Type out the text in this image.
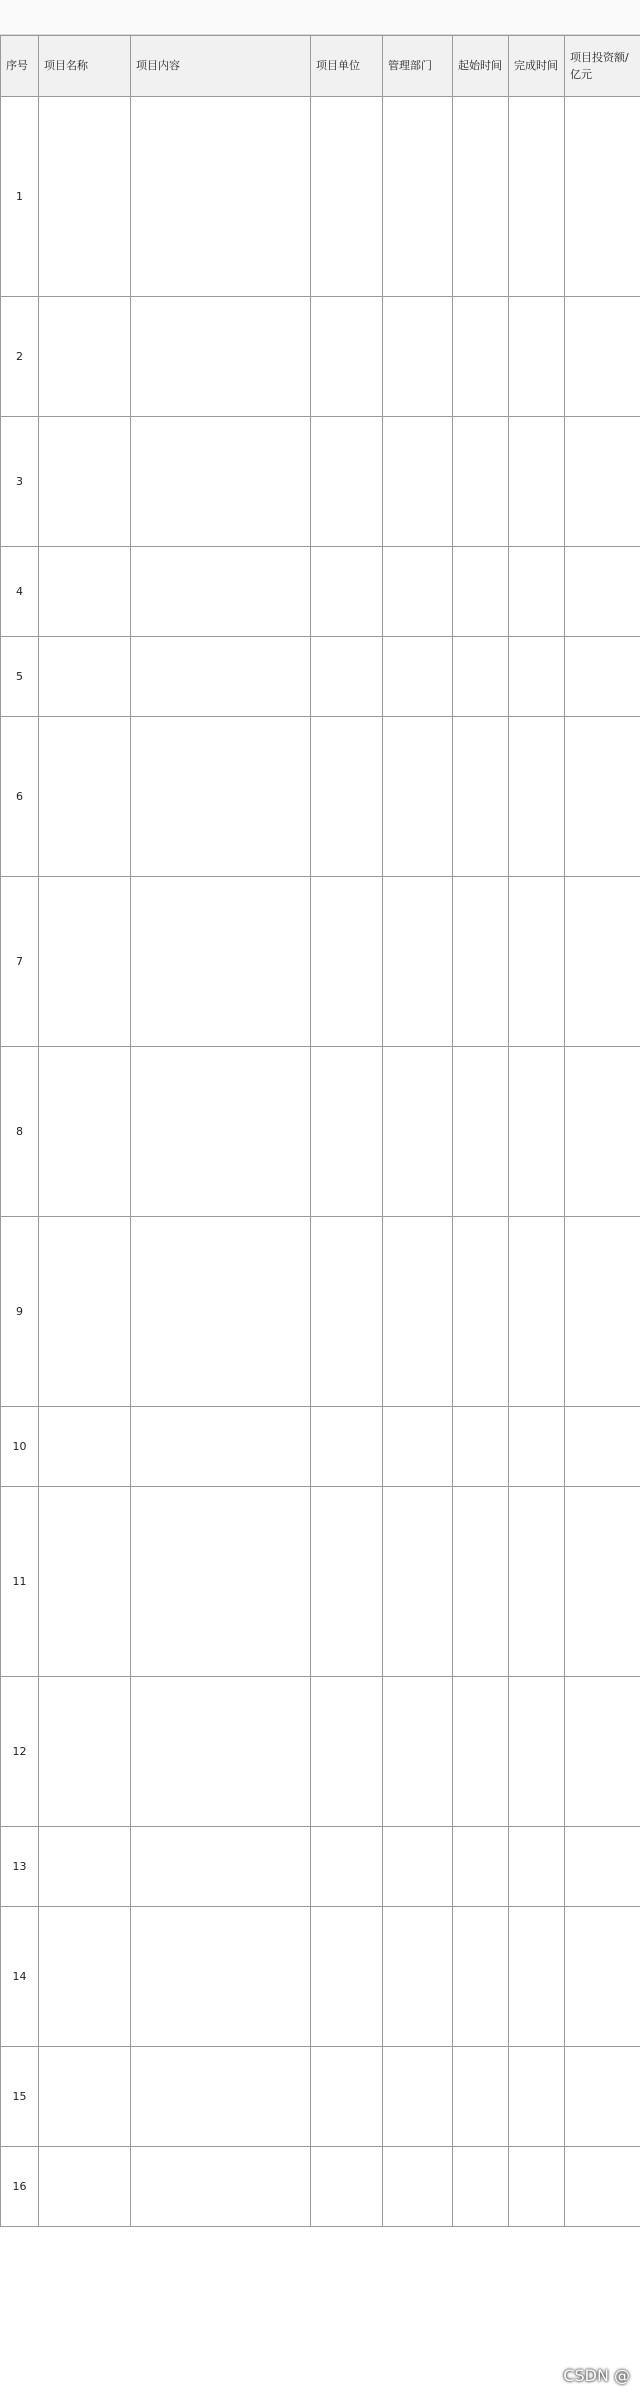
序号	项目名称	项目内容	项目单位	管理部门	起始时间	完成时间	项目投资额/亿元
1							
2							
3							
4							
5							
6							
7							
8							
9							
10							
11							
12							
13							
14							
15							
16							
CSDN @
